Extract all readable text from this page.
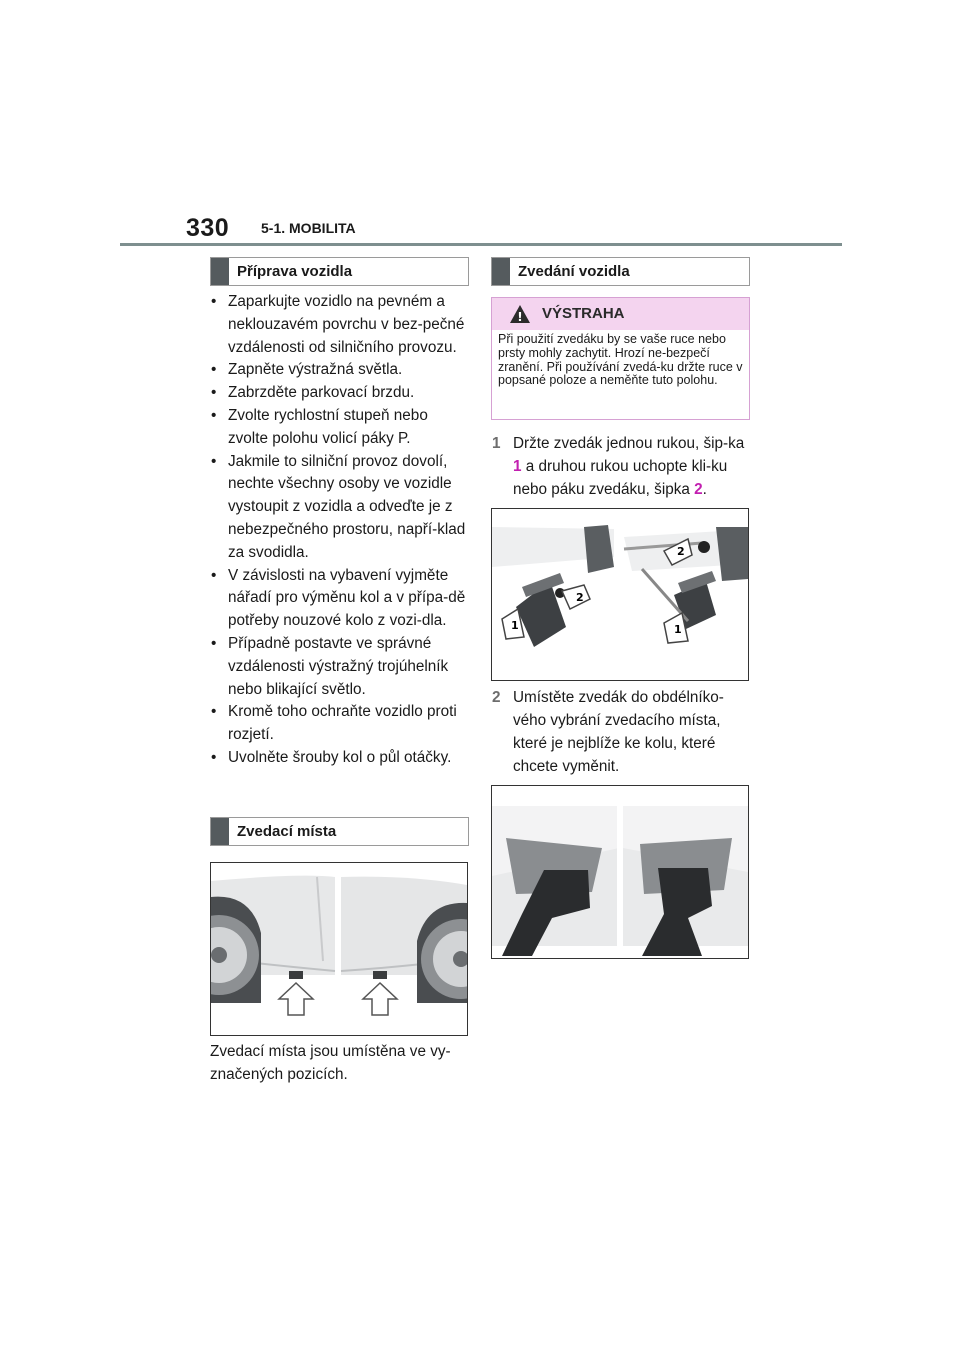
330 5-1. MOBILITA
Příprava vozidla
• Zaparkujte vozidlo na pevném a neklouzavém povrchu v bez-pečné vzdálenosti od silničního provozu.
• Zapněte výstražná světla.
• Zabrzděte parkovací brzdu.
• Zvolte rychlostní stupeň nebo zvolte polohu volicí páky P.
• Jakmile to silniční provoz dovolí, nechte všechny osoby ve vozidle vystoupit z vozidla a odveďte je z nebezpečného prostoru, napří-klad za svodidla.
• V závislosti na vybavení vyjměte nářadí pro výměnu kol a v přípa-dě potřeby nouzové kolo z vozi-dla.
• Případně postavte ve správné vzdálenosti výstražný trojúhelník nebo blikající světlo.
• Kromě toho ochraňte vozidlo proti rozjetí.
• Uvolněte šrouby kol o půl otáčky.
Zvedací místa
Zvedací místa jsou umístěna ve vy-značených pozicích.
Zvedání vozidla
! VÝSTRAHA
Při použití zvedáku by se vaše ruce nebo prsty mohly zachytit. Hrozí ne-bezpečí zranění. Při používání zvedá-ku držte ruce v popsané poloze a neměňte tuto polohu.
1 Držte zvedák jednou rukou, šip-ka 1 a druhou rukou uchopte kli-ku nebo páku zvedáku, šipka 2.
2
2
1	1
2 Umístěte zvedák do obdélníko-vého vybrání zvedacího místa, které je nejblíže ke kolu, které chcete vyměnit.
